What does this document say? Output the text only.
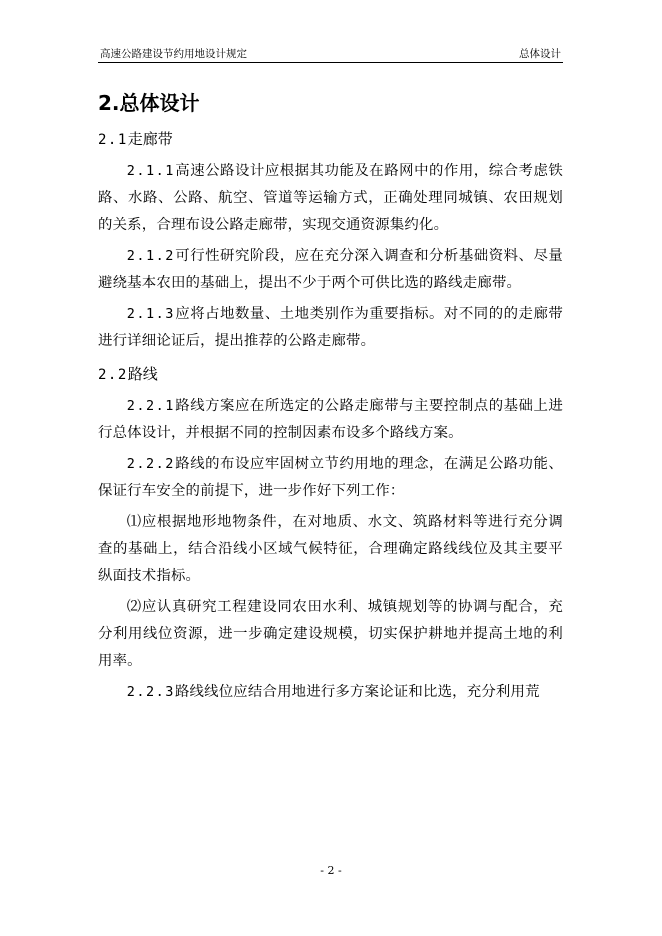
高速公路建设节约用地设计规定	总体设计
2.总体设计
2.1走廊带

2.1.1高速公路设计应根据其功能及在路网中的作用，综合考虑铁路、水路、公路、航空、管道等运输方式，正确处理同城镇、农田规划的关系，合理布设公路走廊带，实现交通资源集约化。

2.1.2可行性研究阶段，应在充分深入调查和分析基础资料、尽量避绕基本农田的基础上，提出不少于两个可供比选的路线走廊带。

2.1.3应将占地数量、土地类别作为重要指标。对不同的的走廊带进行详细论证后，提出推荐的公路走廊带。

2.2路线

2.2.1路线方案应在所选定的公路走廊带与主要控制点的基础上进行总体设计，并根据不同的控制因素布设多个路线方案。

2.2.2路线的布设应牢固树立节约用地的理念，在满足公路功能、保证行车安全的前提下，进一步作好下列工作：

⑴应根据地形地物条件，在对地质、水文、筑路材料等进行充分调查的基础上，结合沿线小区域气候特征，合理确定路线线位及其主要平纵面技术指标。

⑵应认真研究工程建设同农田水利、城镇规划等的协调与配合，充分利用线位资源，进一步确定建设规模，切实保护耕地并提高土地的利用率。

2.2.3路线线位应结合用地进行多方案论证和比选，充分利用荒

- 2 -
